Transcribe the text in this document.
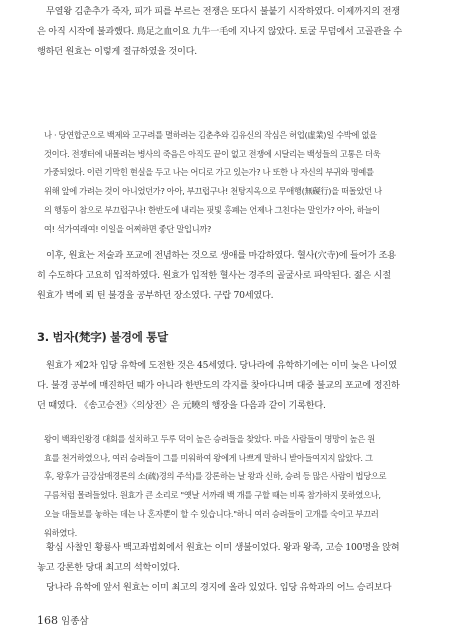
무열왕 김춘추가 죽자, 피가 피를 부르는 전쟁은 또다시 불붙기 시작하였다. 이제까지의 전쟁
은 아직 시작에 불과했다. 鳥足之血이요 九牛一毛에 지나지 않았다. 토굴 무덤에서 고골관을 수
행하던 원효는 이렇게 절규하였을 것이다.
나 · 당연합군으로 백제와 고구려를 멸하려는 김춘추와 김유신의 작심은 허업(虛業)일 수박에 없을
것이다. 전쟁터에 내몰려는 병사의 죽음은 아직도 끝이 없고 전쟁에 시달리는 백성들의 고통은 더욱
가중되었다. 이런 기막힌 현실을 두고 나는 어디로 가고 있는가? 나 또한 나 자신의 부귀와 명예를
위해 앞에 가려는 것이 아니었던가? 아아, 부끄럽구나! 천탕지옥으로 무애행(無礙行)을 떠돌았던 나
의 행동이 참으로 부끄럽구나! 한반도에 내리는 핏빛 홍폐는 언제나 그친다는 말인가? 아아, 하늘이
여! 석가여래여! 이일을 어찌하면 좋단 말입니까?
이후, 원효는 저술과 포교에 전념하는 것으로 생애를 마감하였다. 혈사(穴寺)에 들어가 조용
히 수도하다 고요히 입적하였다. 원효가 입적한 혈사는 경주의 골굴사로 파악된다. 젊은 시절
원효가 벽에 뢰 틴 불경을 공부하던 장소였다. 구랍 70세였다.
3. 범자(梵字) 불경에 통달
원효가 제2차 입당 유학에 도전한 것은 45세였다. 당나라에 유학하기에는 이미 늦은 나이였
다. 불경 공부에 매진하던 때가 아니라 한반도의 각지를 찾아다니며 대중 불교의 포교에 정진하
던 때였다. 《송고승전》〈의상전〉은 元曉의 행장을 다음과 같이 기록한다.
왕이 백좌인왕경 대회를 설치하고 두루 덕이 높은 승려들을 찾았다. 마을 사람들이 명망이 높은 원
효를 천거하였으나, 여러 승려들이 그를 미워하여 왕에게 나쁘게 말하니 받아들여지지 않았다. 그
후, 왕후가 금강삼매경론의 소(疏)경의 주석)를 강론하는 날 왕과 신하, 승려 등 많은 사람이 법당으로
구름처럼 몰려들었다. 원효가 큰 소리로 "옛날 서까래 백 개를 구할 때는 비록 참가하지 못하였으나,
오늘 대들보를 놓하는 데는 나 혼자뿐이 할 수 있습니다."하니 여러 승려들이 고개를 숙이고 부끄러
워하였다.
황심 사찰인 황룡사 백고좌법회에서 원효는 이미 생불이었다. 왕과 왕족, 고승 100명을 앉혀
놓고 강론한 당대 최고의 석학이었다.
당나라 유학에 앞서 원효는 이미 최고의 경지에 올라 있었다. 입당 유학과의 어느 승리보다
168 임종삼
